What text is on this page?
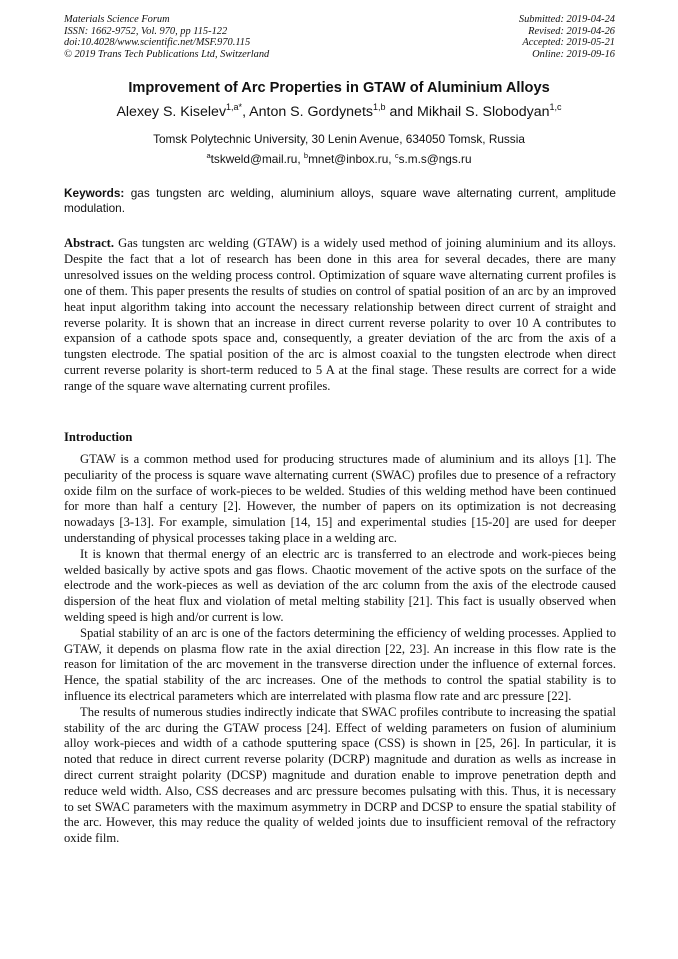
Materials Science Forum
ISSN: 1662-9752, Vol. 970, pp 115-122
doi:10.4028/www.scientific.net/MSF.970.115
© 2019 Trans Tech Publications Ltd, Switzerland
Submitted: 2019-04-24
Revised: 2019-04-26
Accepted: 2019-05-21
Online: 2019-09-16
Improvement of Arc Properties in GTAW of Aluminium Alloys
Alexey S. Kiselev$^{1,a*}$, Anton S. Gordynets$^{1,b}$ and Mikhail S. Slobodyan$^{1,c}$
Tomsk Polytechnic University, 30 Lenin Avenue, 634050 Tomsk, Russia
$^a$tskweld@mail.ru, $^b$mnet@inbox.ru, $^c$s.m.s@ngs.ru
Keywords: gas tungsten arc welding, aluminium alloys, square wave alternating current, amplitude modulation.
Abstract. Gas tungsten arc welding (GTAW) is a widely used method of joining aluminium and its alloys. Despite the fact that a lot of research has been done in this area for several decades, there are many unresolved issues on the welding process control. Optimization of square wave alternating current profiles is one of them. This paper presents the results of studies on control of spatial position of an arc by an improved heat input algorithm taking into account the necessary relationship between direct current of straight and reverse polarity. It is shown that an increase in direct current reverse polarity to over 10 A contributes to expansion of a cathode spots space and, consequently, a greater deviation of the arc from the axis of a tungsten electrode. The spatial position of the arc is almost coaxial to the tungsten electrode when direct current reverse polarity is short-term reduced to 5 A at the final stage. These results are correct for a wide range of the square wave alternating current profiles.
Introduction

GTAW is a common method used for producing structures made of aluminium and its alloys [1]. The peculiarity of the process is square wave alternating current (SWAC) profiles due to presence of a refractory oxide film on the surface of work-pieces to be welded. Studies of this welding method have been continued for more than half a century [2]. However, the number of papers on its optimization is not decreasing nowadays [3-13]. For example, simulation [14, 15] and experimental studies [15-20] are used for deeper understanding of physical processes taking place in a welding arc.

It is known that thermal energy of an electric arc is transferred to an electrode and work-pieces being welded basically by active spots and gas flows. Chaotic movement of the active spots on the surface of the electrode and the work-pieces as well as deviation of the arc column from the axis of the electrode caused dispersion of the heat flux and violation of metal melting stability [21]. This fact is usually observed when welding speed is high and/or current is low.

Spatial stability of an arc is one of the factors determining the efficiency of welding processes. Applied to GTAW, it depends on plasma flow rate in the axial direction [22, 23]. An increase in this flow rate is the reason for limitation of the arc movement in the transverse direction under the influence of external forces. Hence, the spatial stability of the arc increases. One of the methods to control the spatial stability is to influence its electrical parameters which are interrelated with plasma flow rate and arc pressure [22].

The results of numerous studies indirectly indicate that SWAC profiles contribute to increasing the spatial stability of the arc during the GTAW process [24]. Effect of welding parameters on fusion of aluminium alloy work-pieces and width of a cathode sputtering space (CSS) is shown in [25, 26]. In particular, it is noted that reduce in direct current reverse polarity (DCRP) magnitude and duration as wells as increase in direct current straight polarity (DCSP) magnitude and duration enable to improve penetration depth and reduce weld width. Also, CSS decreases and arc pressure becomes pulsating with this. Thus, it is necessary to set SWAC parameters with the maximum asymmetry in DCRP and DCSP to ensure the spatial stability of the arc. However, this may reduce the quality of welded joints due to insufficient removal of the refractory oxide film.
